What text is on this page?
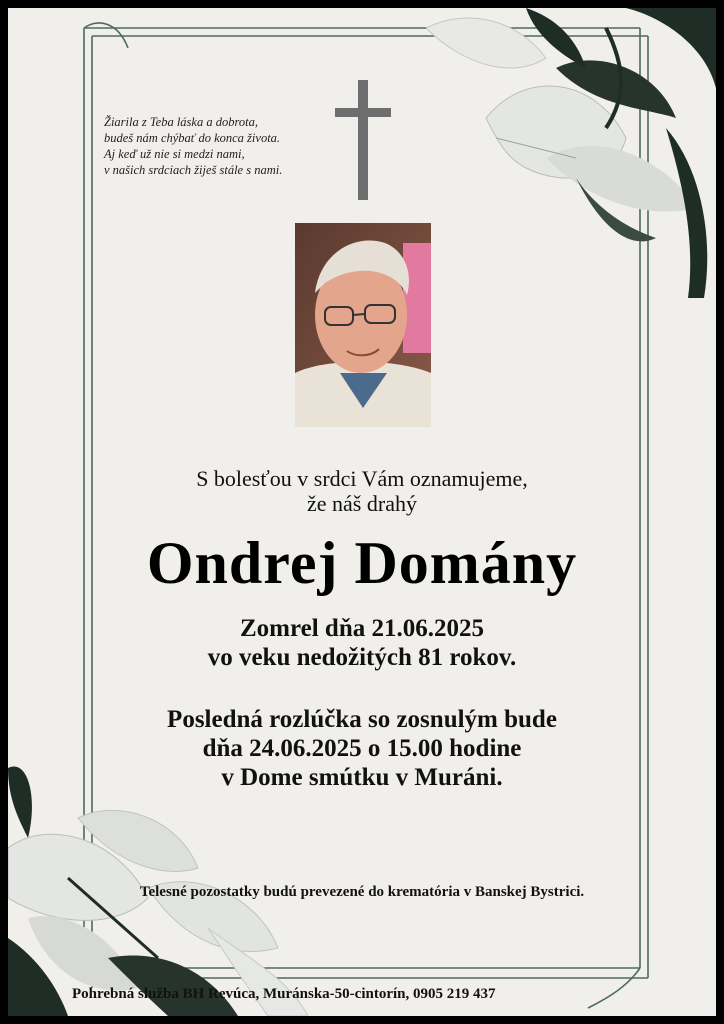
Žiarila z Teba láska a dobrota,
budeš nám chýbať do konca života.
Aj keď už nie si medzi nami,
v našich srdciach žiješ stále s nami.
S bolesťou v srdci Vám oznamujeme,
že náš drahý
Ondrej Domány
Zomrel dňa 21.06.2025
vo veku nedožitých 81 rokov.
Posledná rozlúčka so zosnulým bude
dňa 24.06.2025 o 15.00 hodine
v Dome smútku v Muráni.
Telesné pozostatky budú prevezené do krematória v Banskej Bystrici.
Pohrebná služba BH Revúca, Muránska-50-cintorín, 0905 219 437
